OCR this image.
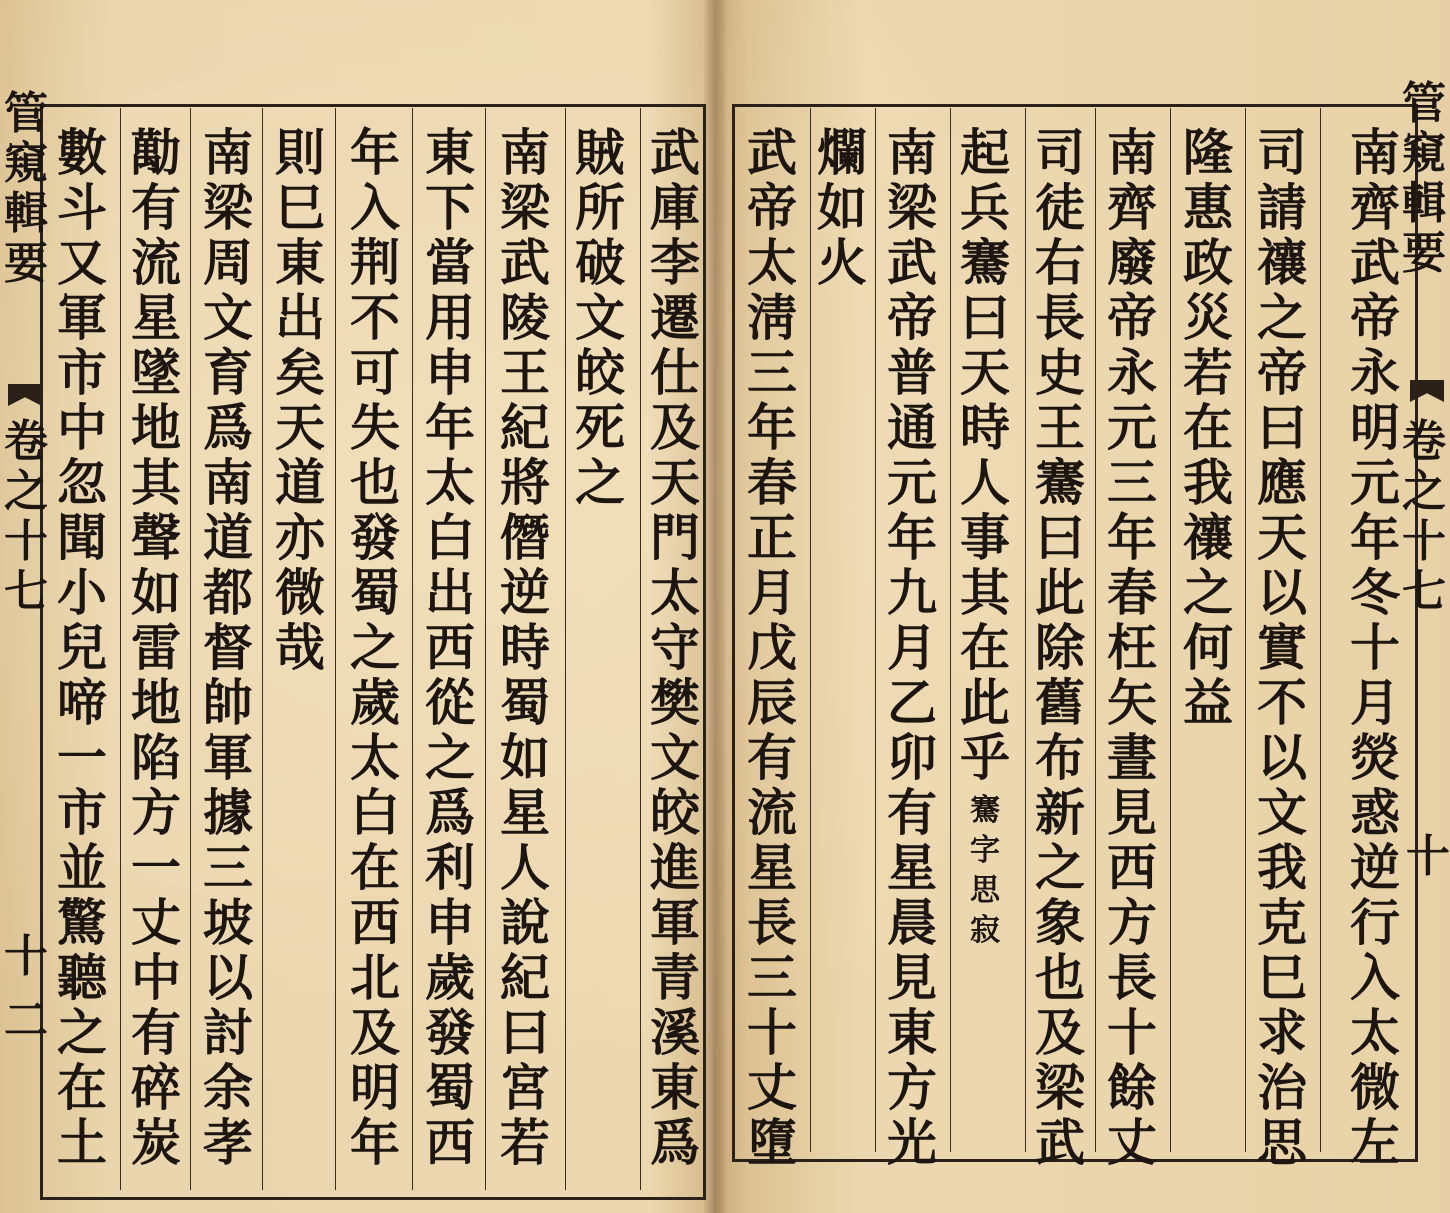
武
庫
李
遷
仕
及
天
門
太
守
樊
文
皎
進
軍
青
溪
東
爲
賊
所
破
文
皎
死
之
南
梁
武
陵
王
紀
將
僭
逆
時
蜀
如
星
人
說
紀
曰
宮
若
東
下
當
用
申
年
太
白
出
西
從
之
爲
利
申
歲
發
蜀
西
年
入
荆
不
可
失
也
發
蜀
之
歲
太
白
在
西
北
及
明
年
則
巳
東
出
矣
天
道
亦
微
哉
南
梁
周
文
育
爲
南
道
都
督
帥
軍
據
三
坡
以
討
余
孝
勱
有
流
星
墜
地
其
聲
如
雷
地
陷
方
一
丈
中
有
碎
炭
數
斗
又
軍
市
中
忽
聞
小
兒
啼
一
市
並
驚
聽
之
在
土
管
窺
輯
要
卷
之
十
七
十二
南
齊
武
帝
永
明
元
年
冬
十
月
熒
惑
逆
行
入
太
微
左
司
請
禳
之
帝
曰
應
天
以
實
不
以
文
我
克
巳
求
治
思
隆
惠
政
災
若
在
我
禳
之
何
益
南
齊
廢
帝
永
元
三
年
春
枉
矢
晝
見
西
方
長
十
餘
丈
司
徒
右
長
史
王
騫
曰
此
除
舊
布
新
之
象
也
及
梁
武
起
兵
騫
曰
天
時
人
事
其
在
此
乎
騫
字
思
寂
南
梁
武
帝
普
通
元
年
九
月
乙
卯
有
星
晨
見
東
方
光
爛
如
火
武
帝
太
淸
三
年
春
正
月
戊
辰
有
流
星
長
三
十
丈
墮
管
窺
輯
要
卷
之
十
七
十
